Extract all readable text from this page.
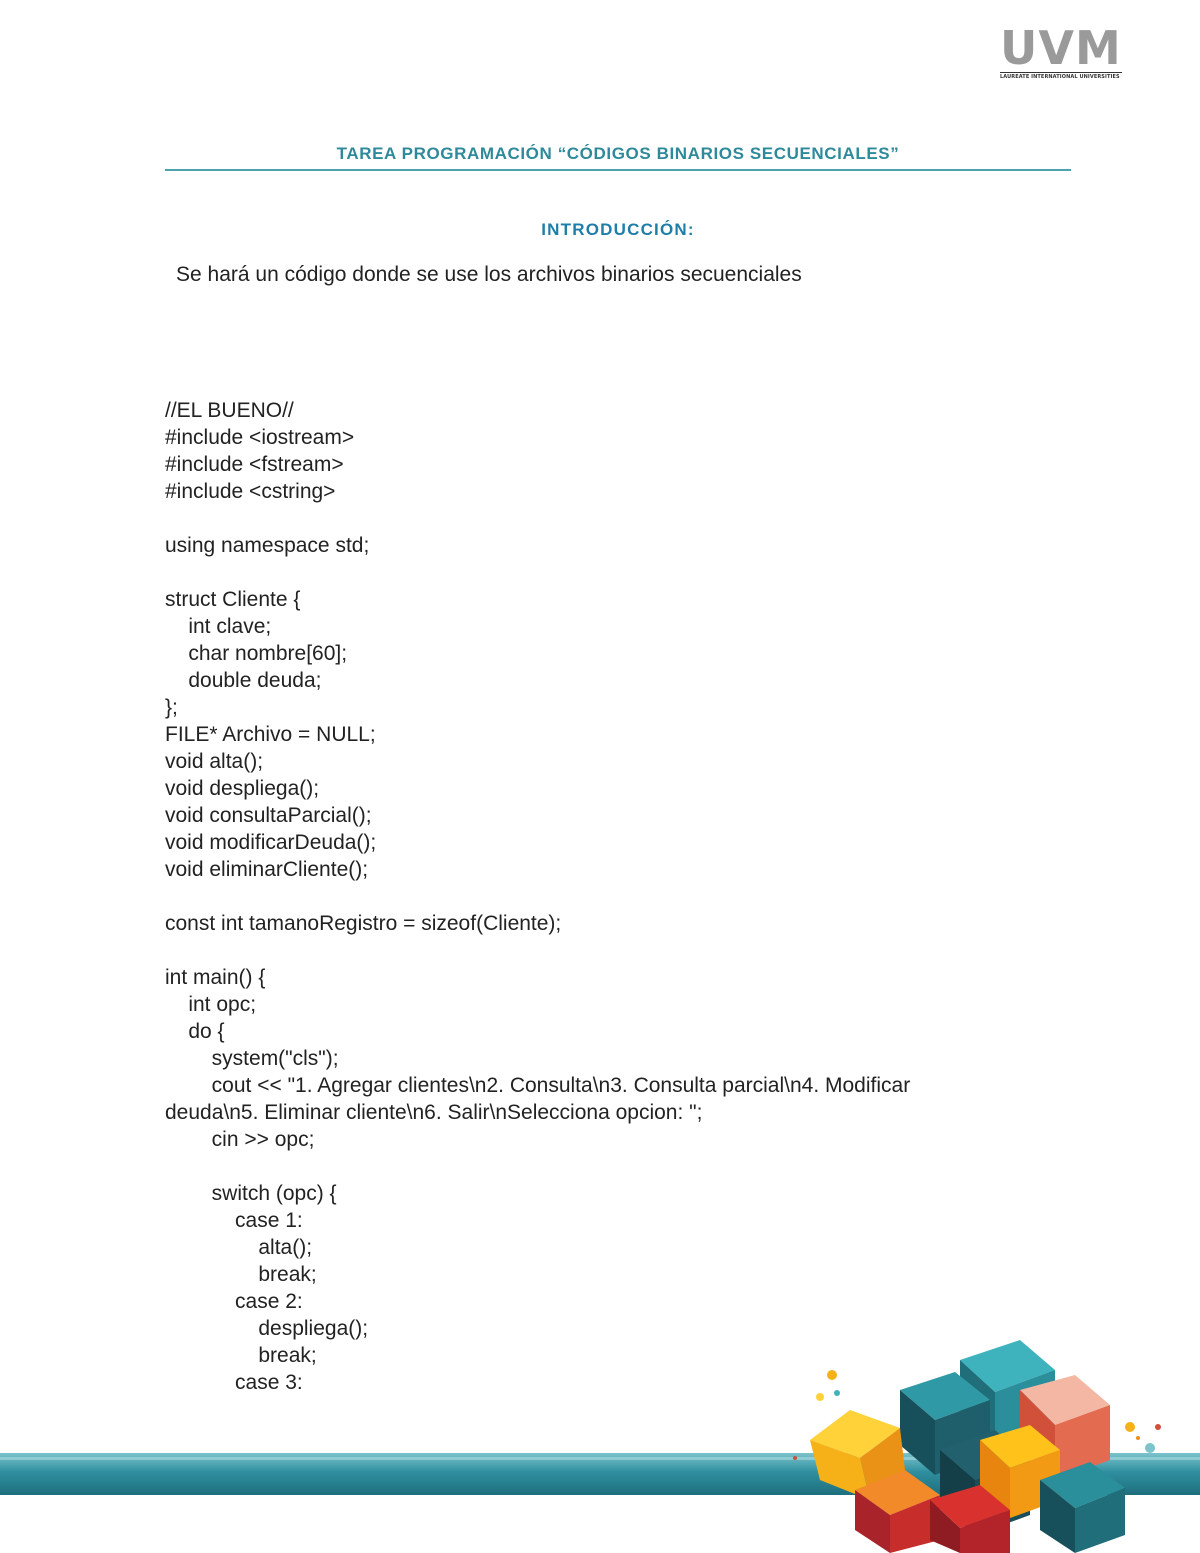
UVM
LAUREATE INTERNATIONAL UNIVERSITIES
TAREA PROGRAMACIÓN “CÓDIGOS BINARIOS SECUENCIALES”
INTRODUCCIÓN:
Se hará un código donde se use los archivos binarios secuenciales
//EL BUENO//
#include <iostream>
#include <fstream>
#include <cstring>
using namespace std;
struct Cliente {
int clave;
char nombre[60];
double deuda;
};
FILE* Archivo = NULL;
void alta();
void despliega();
void consultaParcial();
void modificarDeuda();
void eliminarCliente();
const int tamanoRegistro = sizeof(Cliente);
int main() {
int opc;
do {
system("cls");
cout << "1. Agregar clientes\n2. Consulta\n3. Consulta parcial\n4. Modificar
deuda\n5. Eliminar cliente\n6. Salir\nSelecciona opcion: ";
cin >> opc;
switch (opc) {
case 1:
alta();
break;
case 2:
despliega();
break;
case 3:
